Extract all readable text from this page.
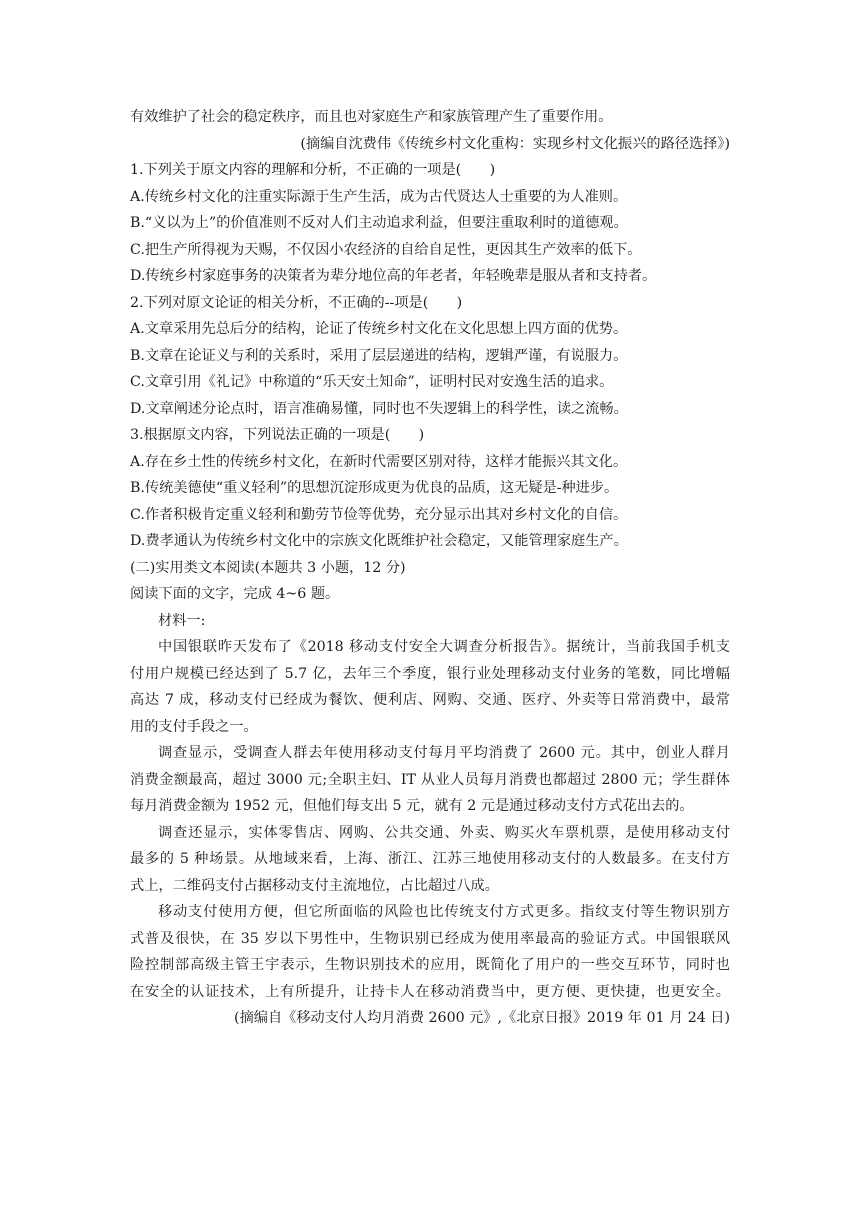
有效维护了社会的稳定秩序，而且也对家庭生产和家族管理产生了重要作用。
(摘编自沈费伟《传统乡村文化重构：实现乡村文化振兴的路径选择》)
1.下列关于原文内容的理解和分析，不正确的一项是(　　)
A.传统乡村文化的注重实际源于生产生活，成为古代贤达人士重要的为人准则。
B.“义以为上”的价值准则不反对人们主动追求利益，但要注重取利时的道德观。
C.把生产所得视为天赐，不仅因小农经济的自给自足性，更因其生产效率的低下。
D.传统乡村家庭事务的决策者为辈分地位高的年老者，年轻晚辈是服从者和支持者。
2.下列对原文论证的相关分析，不正确的--项是(　　)
A.文章采用先总后分的结构，论证了传统乡村文化在文化思想上四方面的优势。
B.文章在论证义与利的关系时，采用了层层递进的结构，逻辑严谨，有说服力。
C.文章引用《礼记》中称道的“乐天安土知命”，证明村民对安逸生活的追求。
D.文章阐述分论点时，语言准确易懂，同时也不失逻辑上的科学性，读之流畅。
3.根据原文内容，下列说法正确的一项是(　　)
A.存在乡土性的传统乡村文化，在新时代需要区别对待，这样才能振兴其文化。
B.传统美德使“重义轻利”的思想沉淀形成更为优良的品质，这无疑是-种进步。
C.作者积极肯定重义轻利和勤劳节俭等优势，充分显示出其对乡村文化的自信。
D.费孝通认为传统乡村文化中的宗族文化既维护社会稳定，又能管理家庭生产。
(二)实用类文本阅读(本题共 3 小题，12 分)
阅读下面的文字，完成 4~6 题。
材料一:
中国银联昨天发布了《2018 移动支付安全大调查分析报告》。据统计，当前我国手机支
付用户规模已经达到了 5.7 亿，去年三个季度，银行业处理移动支付业务的笔数，同比增幅
高达 7 成，移动支付已经成为餐饮、便利店、网购、交通、医疗、外卖等日常消费中，最常
用的支付手段之一。
调查显示，受调查人群去年使用移动支付每月平均消费了 2600 元。其中，创业人群月
消费金额最高，超过 3000 元;全职主妇、IT 从业人员每月消费也都超过 2800 元；学生群体
每月消费金额为 1952 元，但他们每支出 5 元，就有 2 元是通过移动支付方式花出去的。
调查还显示，实体零售店、网购、公共交通、外卖、购买火车票机票，是使用移动支付
最多的 5 种场景。从地域来看，上海、浙江、江苏三地使用移动支付的人数最多。在支付方
式上，二维码支付占据移动支付主流地位，占比超过八成。
移动支付使用方便，但它所面临的风险也比传统支付方式更多。指纹支付等生物识别方
式普及很快，在 35 岁以下男性中，生物识别已经成为使用率最高的验证方式。中国银联风
险控制部高级主管王宇表示，生物识别技术的应用，既简化了用户的一些交互环节，同时也
在安全的认证技术，上有所提升，让持卡人在移动消费当中，更方便、更快捷，也更安全。
(摘编自《移动支付人均月消费 2600 元》,《北京日报》2019 年 01 月 24 日)
